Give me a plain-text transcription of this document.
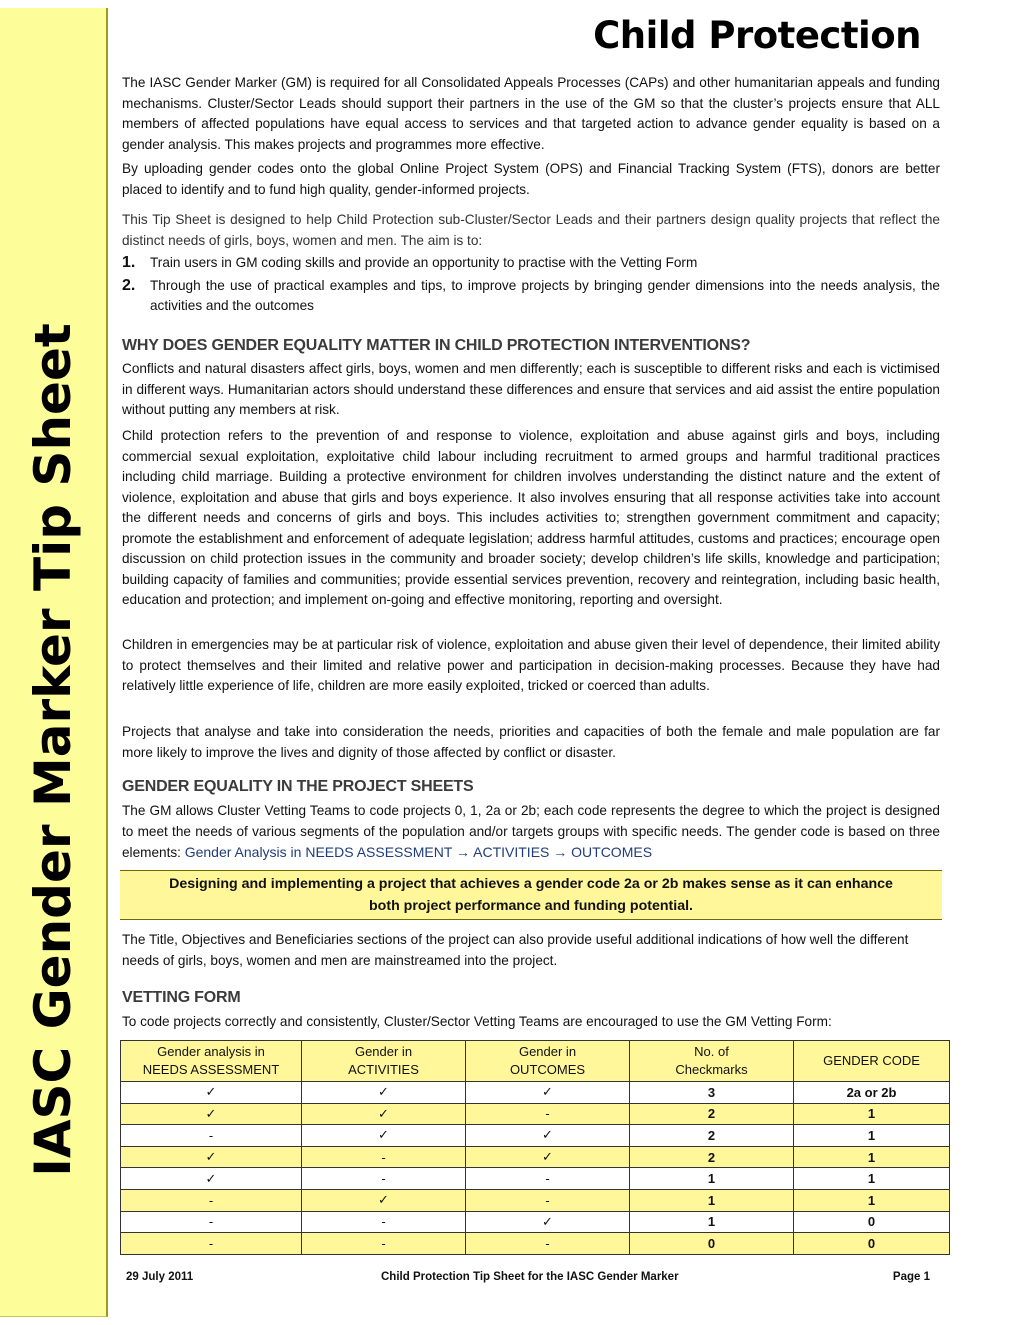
IASC Gender Marker Tip Sheet
Child Protection

The IASC Gender Marker (GM) is required for all Consolidated Appeals Processes (CAPs) and other humanitarian appeals and funding mechanisms. Cluster/Sector Leads should support their partners in the use of the GM so that the cluster’s projects ensure that ALL members of affected populations have equal access to services and that targeted action to advance gender equality is based on a gender analysis. This makes projects and programmes more effective.

By uploading gender codes onto the global Online Project System (OPS) and Financial Tracking System (FTS), donors are better placed to identify and to fund high quality, gender-informed projects.

This Tip Sheet is designed to help Child Protection sub-Cluster/Sector Leads and their partners design quality projects that reflect the distinct needs of girls, boys, women and men. The aim is to:

1. Train users in GM coding skills and provide an opportunity to practise with the Vetting Form
2. Through the use of practical examples and tips, to improve projects by bringing gender dimensions into the needs analysis, the activities and the outcomes
WHY DOES GENDER EQUALITY MATTER IN CHILD PROTECTION INTERVENTIONS?

Conflicts and natural disasters affect girls, boys, women and men differently; each is susceptible to different risks and each is victimised in different ways. Humanitarian actors should understand these differences and ensure that services and aid assist the entire population without putting any members at risk.

Child protection refers to the prevention of and response to violence, exploitation and abuse against girls and boys, including commercial sexual exploitation, exploitative child labour including recruitment to armed groups and harmful traditional practices including child marriage. Building a protective environment for children involves understanding the distinct nature and the extent of violence, exploitation and abuse that girls and boys experience. It also involves ensuring that all response activities take into account the different needs and concerns of girls and boys. This includes activities to; strengthen government commitment and capacity; promote the establishment and enforcement of adequate legislation; address harmful attitudes, customs and practices; encourage open discussion on child protection issues in the community and broader society; develop children’s life skills, knowledge and participation; building capacity of families and communities; provide essential services prevention, recovery and reintegration, including basic health, education and protection; and implement on-going and effective monitoring, reporting and oversight.

Children in emergencies may be at particular risk of violence, exploitation and abuse given their level of dependence, their limited ability to protect themselves and their limited and relative power and participation in decision-making processes. Because they have had relatively little experience of life, children are more easily exploited, tricked or coerced than adults.

Projects that analyse and take into consideration the needs, priorities and capacities of both the female and male population are far more likely to improve the lives and dignity of those affected by conflict or disaster.

GENDER EQUALITY IN THE PROJECT SHEETS

The GM allows Cluster Vetting Teams to code projects 0, 1, 2a or 2b; each code represents the degree to which the project is designed to meet the needs of various segments of the population and/or targets groups with specific needs. The gender code is based on three elements: Gender Analysis in NEEDS ASSESSMENT → ACTIVITIES → OUTCOMES

Designing and implementing a project that achieves a gender code 2a or 2b makes sense as it can enhance
both project performance and funding potential.

The Title, Objectives and Beneficiaries sections of the project can also provide useful additional indications of how well the different needs of girls, boys, women and men are mainstreamed into the project.

VETTING FORM

To code projects correctly and consistently, Cluster/Sector Vetting Teams are encouraged to use the GM Vetting Form:

Gender analysis in
NEEDS ASSESSMENT	Gender in
ACTIVITIES	Gender in
OUTCOMES	No. of
Checkmarks	GENDER CODE
✓	✓	✓	3	2a or 2b
✓	✓	-	2	1
-	✓	✓	2	1
✓	-	✓	2	1
✓	-	-	1	1
-	✓	-	1	1
-	-	✓	1	0
-	-	-	0	0
29 July 2011	Child Protection Tip Sheet for the IASC Gender Marker	Page 1
